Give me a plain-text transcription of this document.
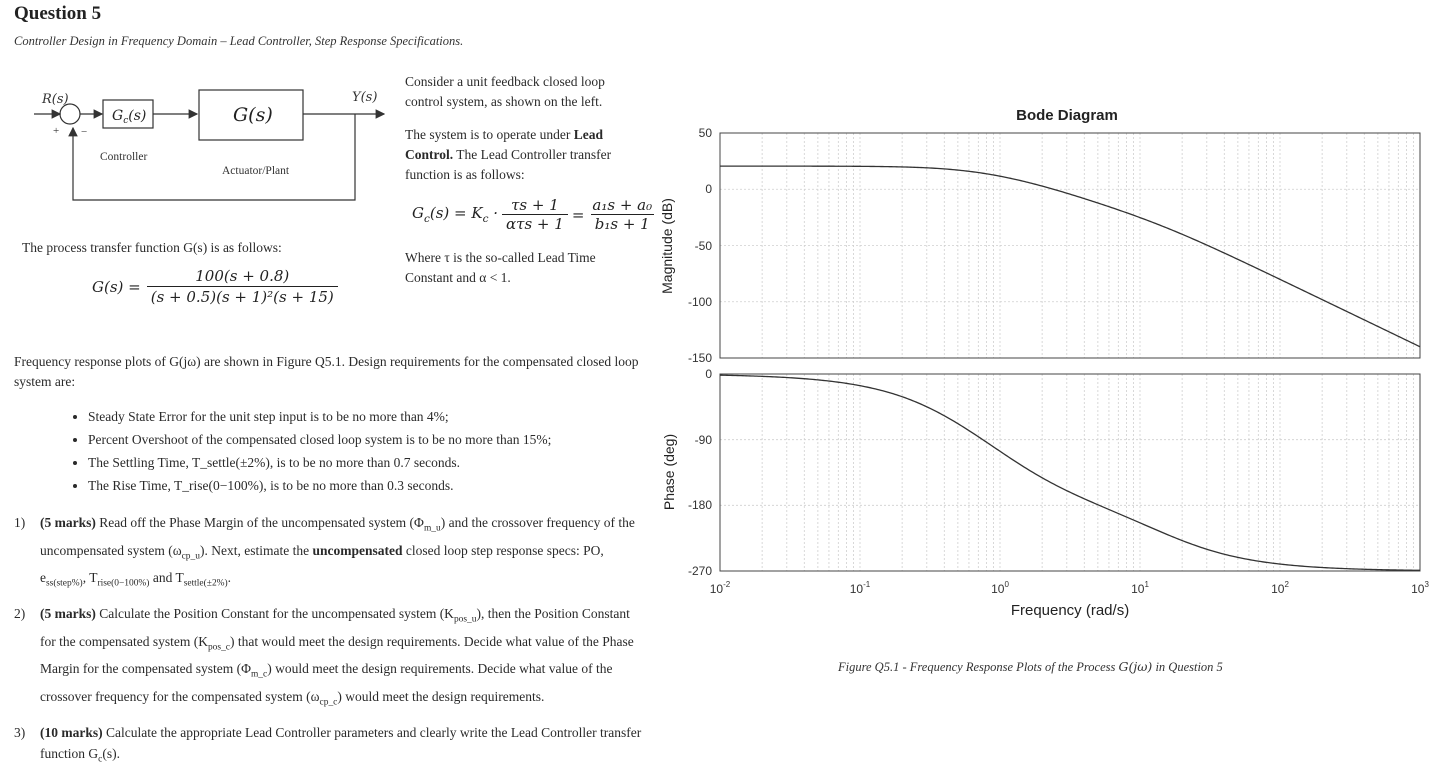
Question 5
Controller Design in Frequency Domain – Lead Controller, Step Response Specifications.
R(s)	Y(s)
+ −
$G_c(s)$	G(s)
Controller
Actuator/Plant
Consider a unit feedback closed loop control system, as shown on the left.
The system is to operate under Lead Control. The Lead Controller transfer function is as follows:
$G_c(s) = K_c \cdot \tau s + 1$
ατs + 1
= $\frac{\text{a₁s + a₀}}{\text{b₁s + 1}}$
Where τ is the so-called Lead Time Constant and α < 1.
The process transfer function G(s) is as follows:
$G(s) = \frac{100(s + 0.8)}{\text{(s + 0.5)(s + 1)²(s + 15)}}$
Frequency response plots of G(jω) are shown in Figure Q5.1. Design requirements for the compensated closed loop system are:
• Steady State Error for the unit step input is to be no more than 4%;
• Percent Overshoot of the compensated closed loop system is to be no more than 15%;
• The Settling Time, T_settle(±2%), is to be no more than 0.7 seconds.
• The Rise Time, T_rise(0−100%), is to be no more than 0.3 seconds.
1) (5 marks) Read off the Phase Margin of the uncompensated system $(\Phi_{m\_u})$ and the crossover frequency of the uncompensated system $(\omega_{cp\_u})$. Next, estimate the uncompensated closed loop step response specs: PO, $e_{ss(step\%)}$, $T_{rise(0-100\%)}$ and $T_{settle(\pm 2\%)}$.
2) (5 marks) Calculate the Position Constant for the uncompensated system $(K_{pos\_u})$, then the Position Constant for the compensated system $(K_{pos\_c})$ that would meet the design requirements. Decide what value of the Phase Margin for the compensated system $(\Phi_{m\_c})$ would meet the design requirements. Decide what value of the crossover frequency for the compensated system $(\omega_{cp\_c})$ would meet the design requirements.
3) (10 marks) Calculate the appropriate Lead Controller parameters and clearly write the Lead Controller transfer function $G_c(s)$.
Bode Diagram
50
0
-50
-100
-150
0
-90
-180
-270
$10^{-2}$	$10^{-1}$	$10^0$	$10^1$	$10^2$	$10^3$
Magnitude (dB)
Phase (deg)
Frequency (rad/s)
Figure Q5.1 - Frequency Response Plots of the Process G(jω) in Question 5
